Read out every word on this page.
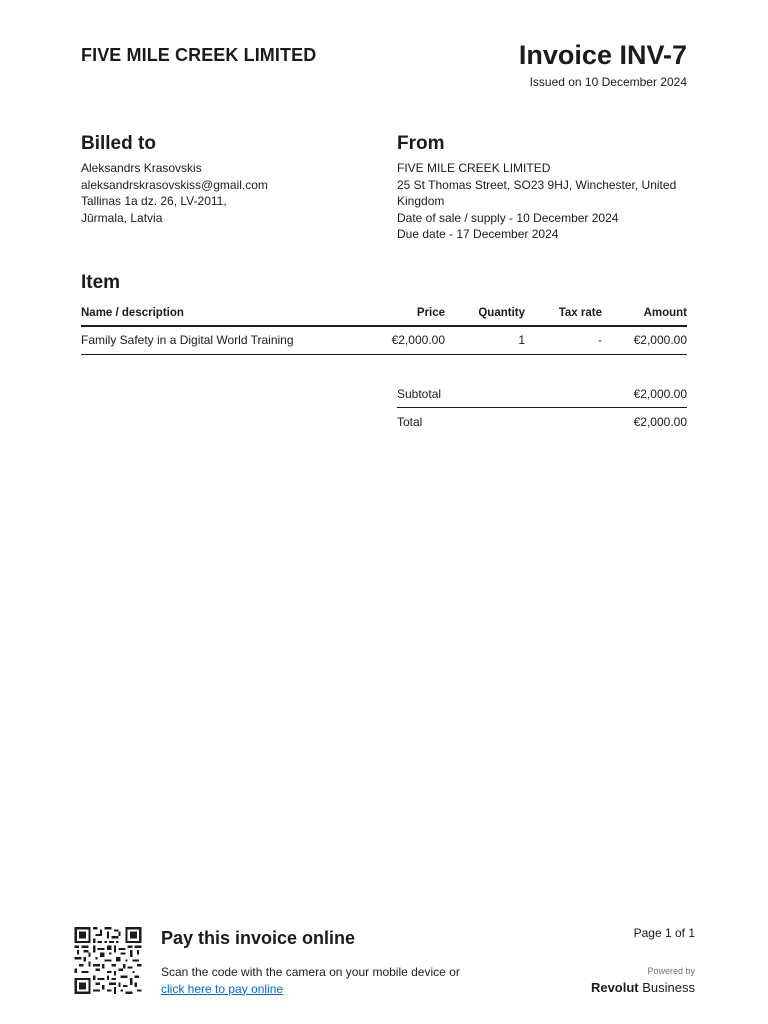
FIVE MILE CREEK LIMITED	Invoice INV-7
Issued on 10 December 2024
Billed to
Aleksandrs Krasovskis
aleksandrskrasovskiss@gmail.com
Tallinas 1a dz. 26, LV-2011,
Jūrmala, Latvia
From
FIVE MILE CREEK LIMITED
25 St Thomas Street, SO23 9HJ, Winchester, United Kingdom
Date of sale / supply - 10 December 2024
Due date - 17 December 2024
Item
Name / description	Price	Quantity	Tax rate	Amount
Family Safety in a Digital World Training	€2,000.00	1	-	€2,000.00
Subtotal	€2,000.00
Total	€2,000.00
Pay this invoice online
Scan the code with the camera on your mobile device or
click here to pay online
Page 1 of 1
Powered by
Revolut Business
